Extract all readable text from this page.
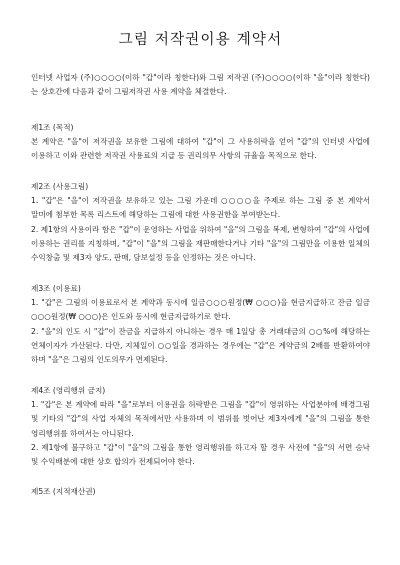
그림 저작권이용 계약서

인터넷 사업자 (주)○○○○(이하 "갑"이라 칭한다)와 그림 저작권 (주)○○○○(이하 "을"이라 칭한다)는 상호간에 다음과 같이 그림저작권 사용 계약을 체결한다.

제1조 (목적)

본 계약은 "을"이 저작권을 보유한 그림에 대하여 "갑"이 그 사용허락을 얻어 "갑"의 인터넷 사업에 이용하고 이와 관련한 저작권 사용료의 지급 등 권리의무 사항의 규율을 목적으로 한다.

제2조 (사용그림)

1. "갑"은 "을"이 저작권을 보유하고 있는 그림 가운데 ○○○○을 주제로 하는 그림 중 본 계약서 말미에 첨부한 목록 리스트에 해당하는 그림에 대한 사용권한을 부여받는다.

2. 제1항의 사용이라 함은 "갑"이 운영하는 사업을 위하여 "을"의 그림을 복제, 변형하여 "갑"의 사업에 이용하는 권리를 지칭하며, "갑"이 "을"의 그림을 재판매한다거나 기타 "을"의 그림만을 이용한 일체의 수익창출 및 제3자 양도, 판매, 담보설정 등을 인정하는 것은 아니다.

제3조 (이용료)

1. "갑"은 그림의 이용료로서 본 계약과 동시에 일금○○○원정(₩ ○○○)을 현금지급하고 잔금 일금○○○원정(₩ ○○○)은 인도와 동시에 현금지급하기로 한다.

2. "을"의 인도 시 "갑"이 잔금을 지급하지 아니하는 경우 매 1일당 총 거래대금의 ○○%에 해당하는 연체이자가 가산된다. 다만, 지체일이 ○○일을 경과하는 경우에는 "갑"은 계약금의 2배를 반환하여야 하며 "을"은 그림의 인도의무가 면제된다.

제4조 (영리행위 금지)

1. "갑"은 본 계약에 따라 "을"로부터 이용권을 허락받은 그림을 "갑"이 영위하는 사업분야에 배경그림 및 기타의 "갑"의 사업 자체의 목적에서만 사용하며 이 범위를 벗어난 제3자에게 "을"의 그림을 통한 영리행위를 하여서는 아니된다.

2. 제1항에 불구하고 "갑"이 "을"의 그림을 통한 영리행위를 하고자 할 경우 사전에 "을"의 서면 승낙 및 수익배분에 대한 상호 합의가 전제되어야 한다.

제5조 (지적재산권)
